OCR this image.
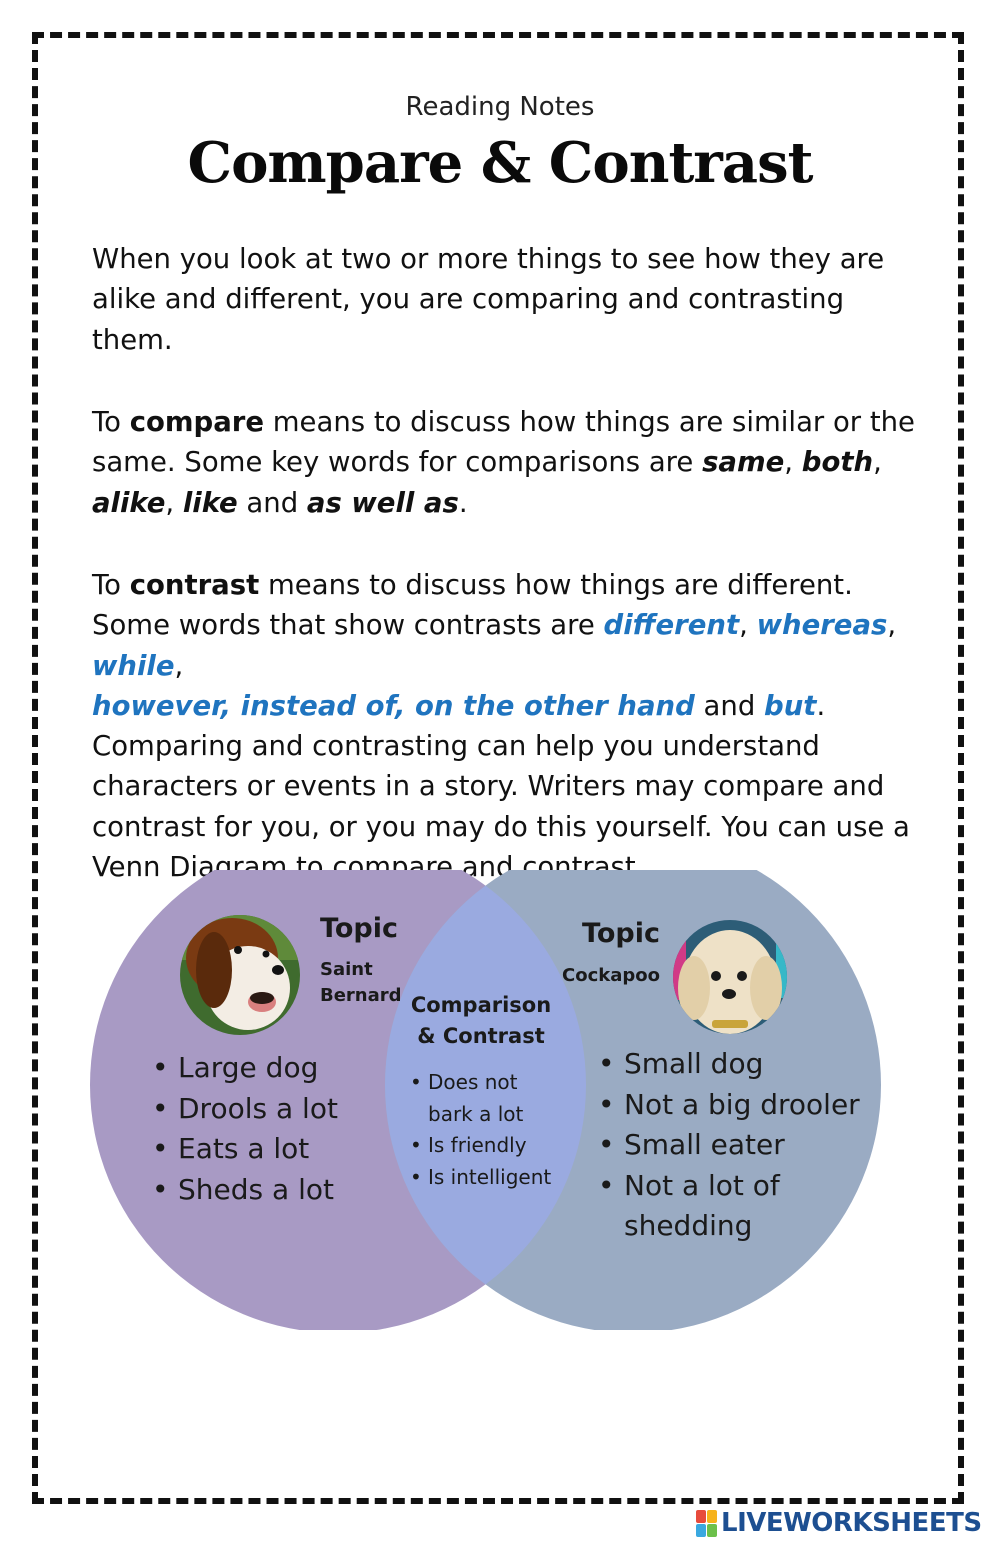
Reading Notes
Compare & Contrast

When you look at two or more things to see how they are alike and different, you are comparing and contrasting them.

To compare means to discuss how things are similar or the same. Some key words for comparisons are same, both, alike, like and as well as.

To contrast means to discuss how things are different. Some words that show contrasts are different, whereas, while,
however, instead of, on the other hand and but.
Comparing and contrasting can help you understand characters or events in a story. Writers may compare and contrast for you, or you may do this yourself. You can use a Venn Diagram to compare and contrast.

Topic
Saint
Bernard
Topic
Cockapoo
Comparison
& Contrast
• Large dog
• Drools a lot
• Eats a lot
• Sheds a lot
• Does not
bark a lot
• Is friendly
• Is intelligent
• Small dog
• Not a big drooler
• Small eater
• Not a lot of
shedding
LIVEWORKSHEETS
